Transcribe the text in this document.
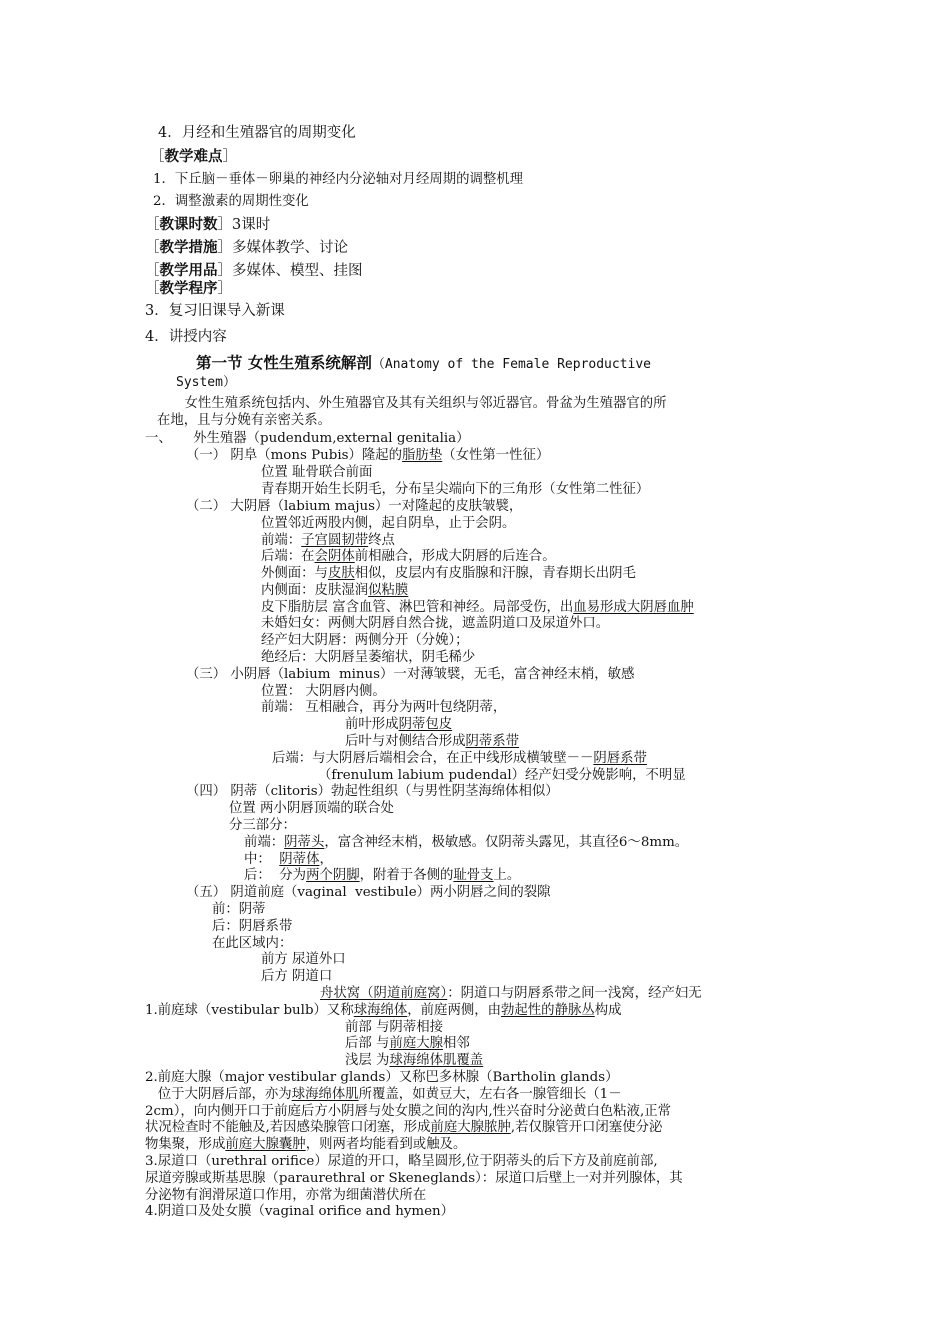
4．月经和生殖器官的周期变化
［教学难点］
1．下丘脑－垂体－卵巢的神经内分泌轴对月经周期的调整机理
2．调整激素的周期性变化
［教课时数］3课时
［教学措施］多媒体教学、讨论
［教学用品］多媒体、模型、挂图
［教学程序］
3．复习旧课导入新课
4．讲授内容
第一节 女性生殖系统解剖（Anatomy of the Female Reproductive
System）
女性生殖系统包括内、外生殖器官及其有关组织与邻近器官。骨盆为生殖器官的所
在地，且与分娩有亲密关系。
一、     外生殖器（pudendum,external genitalia）
（一） 阴阜（mons Pubis）隆起的脂肪垫（女性第一性征）
位置 耻骨联合前面
青春期开始生长阴毛，分布呈尖端向下的三角形（女性第二性征）
（二） 大阴唇（labium majus）一对隆起的皮肤皱襞，
位置邻近两股内侧，起自阴阜，止于会阴。
前端：子宫圆韧带终点
后端：在会阴体前相融合，形成大阴唇的后连合。
外侧面：与皮肤相似，皮层内有皮脂腺和汗腺，青春期长出阴毛
内侧面：皮肤湿润似粘膜
皮下脂肪层 富含血管、淋巴管和神经。局部受伤，出血易形成大阴唇血肿
未婚妇女：两侧大阴唇自然合拢，遮盖阴道口及尿道外口。
经产妇大阴唇：两侧分开（分娩）；
绝经后：大阴唇呈萎缩状，阴毛稀少
（三） 小阴唇（labium  minus）一对薄皱襞，无毛，富含神经末梢，敏感
位置： 大阴唇内侧。
前端： 互相融合，再分为两叶包绕阴蒂，
前叶形成阴蒂包皮
后叶与对侧结合形成阴蒂系带
后端：与大阴唇后端相会合，在正中线形成横皱壁－－阴唇系带
（frenulum labium pudendal）经产妇受分娩影响，不明显
（四） 阴蒂（clitoris）勃起性组织（与男性阴茎海绵体相似）
位置 两小阴唇顶端的联合处
分三部分：
前端：阴蒂头，富含神经末梢，极敏感。仅阴蒂头露见，其直径6～8mm。
中：  阴蒂体，
后：  分为两个阴脚，附着于各侧的耻骨支上。
（五） 阴道前庭（vaginal  vestibule）两小阴唇之间的裂隙
前：阴蒂
后：阴唇系带
在此区域内：
前方 尿道外口
后方 阴道口
舟状窝（阴道前庭窝）：阴道口与阴唇系带之间一浅窝，经产妇无
1.前庭球（vestibular bulb）又称球海绵体，前庭两侧，由勃起性的静脉丛构成
前部 与阴蒂相接
后部 与前庭大腺相邻
浅层 为球海绵体肌覆盖
2.前庭大腺（major vestibular glands）又称巴多林腺（Bartholin glands）
位于大阴唇后部，亦为球海绵体肌所覆盖，如黄豆大，左右各一腺管细长（1－
2cm），向内侧开口于前庭后方小阴唇与处女膜之间的沟内,性兴奋时分泌黄白色粘液,正常
状况检查时不能触及,若因感染腺管口闭塞，形成前庭大腺脓肿,若仅腺管开口闭塞使分泌
物集聚，形成前庭大腺囊肿，则两者均能看到或触及。
3.尿道口（urethral orifice）尿道的开口，略呈圆形,位于阴蒂头的后下方及前庭前部,
尿道旁腺或斯基思腺（paraurethral or Skeneglands）：尿道口后壁上一对并列腺体，其
分泌物有润滑尿道口作用，亦常为细菌潜伏所在
4.阴道口及处女膜（vaginal orifice and hymen）
